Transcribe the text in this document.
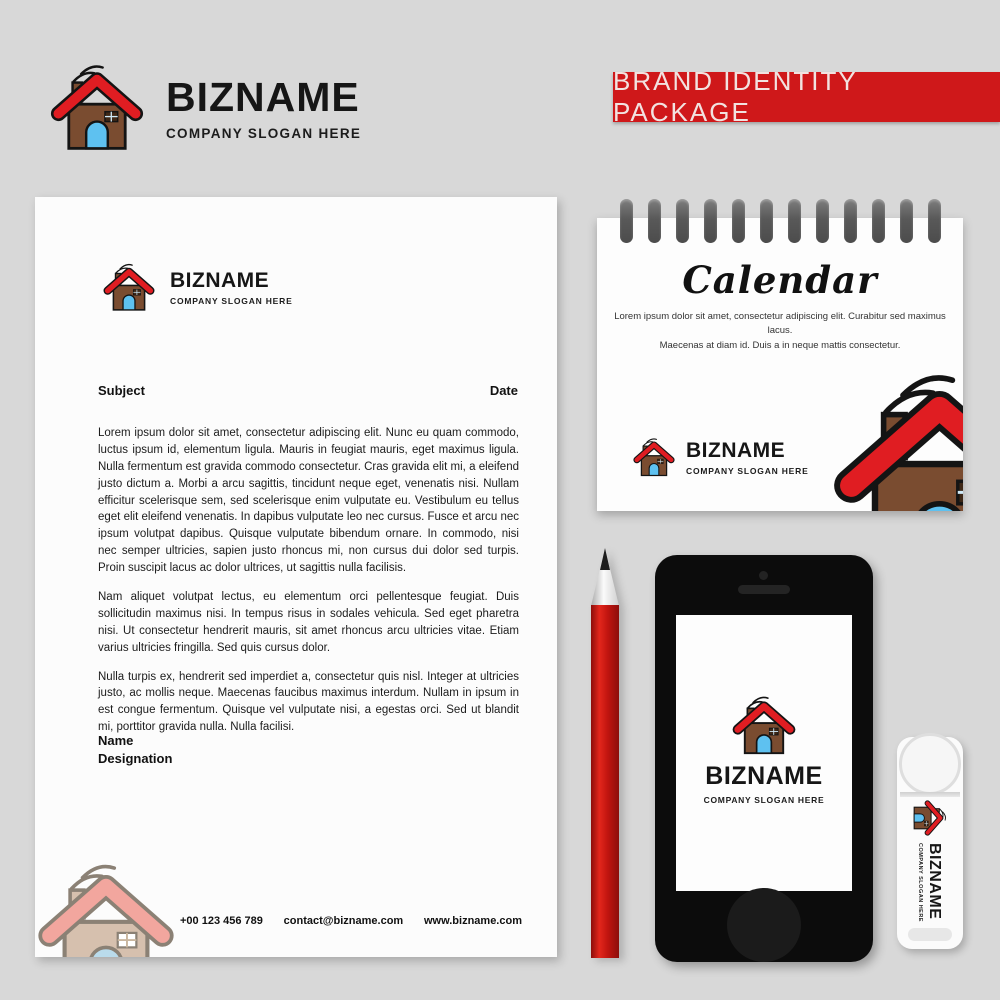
BIZNAME
COMPANY SLOGAN HERE
BRAND IDENTITY PACKAGE
BIZNAME
COMPANY SLOGAN HERE
Subject	Date

Lorem ipsum dolor sit amet, consectetur adipiscing elit. Nunc eu quam commodo, luctus ipsum id, elementum ligula. Mauris in feugiat mauris, eget maximus ligula. Nulla fermentum est gravida commodo consectetur. Cras gravida elit mi, a eleifend justo dictum a. Morbi a arcu sagittis, tincidunt neque eget, venenatis nisi. Nullam efficitur scelerisque sem, sed scelerisque enim vulputate eu. Vestibulum eu tellus eget elit eleifend venenatis. In dapibus vulputate leo nec cursus. Fusce et arcu nec ipsum volutpat dapibus. Quisque vulputate bibendum ornare. In commodo, nisi nec semper ultricies, sapien justo rhoncus mi, non cursus dui dolor sed turpis. Proin suscipit lacus ac dolor ultrices, ut sagittis nulla facilisis.

Nam aliquet volutpat lectus, eu elementum orci pellentesque feugiat. Duis sollicitudin maximus nisi. In tempus risus in sodales vehicula. Sed eget pharetra nisi. Ut consectetur hendrerit mauris, sit amet rhoncus arcu ultricies vitae. Etiam varius ultricies fringilla. Sed quis cursus dolor.

Nulla turpis ex, hendrerit sed imperdiet a, consectetur quis nisl. Integer at ultricies justo, ac mollis neque. Maecenas faucibus maximus interdum. Nullam in ipsum in est congue fermentum. Quisque vel vulputate nisi, a egestas orci. Sed ut blandit mi, porttitor gravida nulla. Nulla facilisi.

Name
Designation
+00 123 456 789 contact@bizname.com www.bizname.com
Calendar
Lorem ipsum dolor sit amet, consectetur adipiscing elit. Curabitur sed maximus lacus.
Maecenas at diam id. Duis a in neque mattis consectetur.
BIZNAME
COMPANY SLOGAN HERE
BIZNAME
COMPANY SLOGAN HERE
BIZNAME
COMPANY SLOGAN HERE
